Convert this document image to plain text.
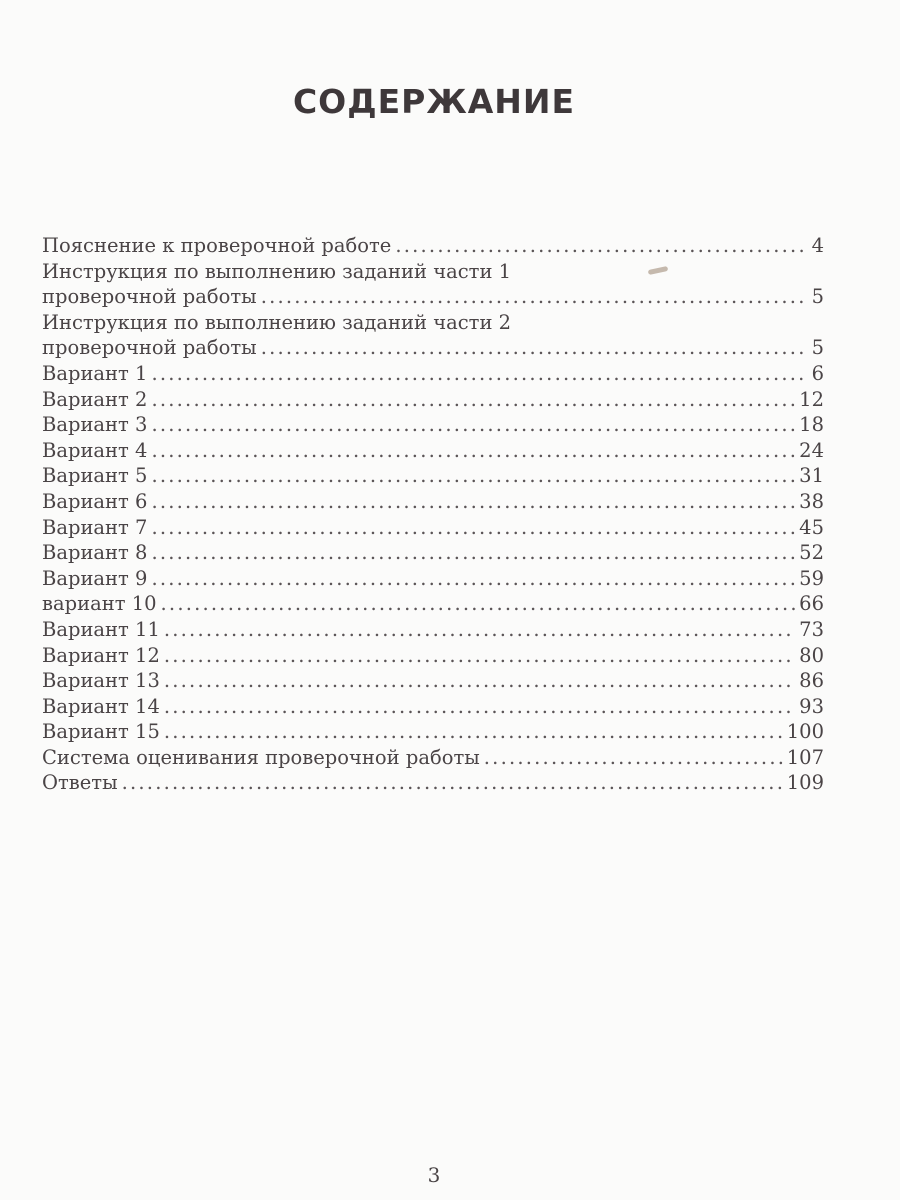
СОДЕРЖАНИЕ
Пояснение к проверочной работе .....	4
Инструкция по выполнению заданий части 1
проверочной работы .....	5
Инструкция по выполнению заданий части 2
проверочной работы .....	5
Вариант 1 .....	6
Вариант 2 .....	12
Вариант 3 .....	18
Вариант 4 .....	24
Вариант 5 .....	31
Вариант 6 .....	38
Вариант 7 .....	45
Вариант 8 .....	52
Вариант 9 .....	59
вариант 10 .....	66
Вариант 11 .....	73
Вариант 12 .....	80
Вариант 13 .....	86
Вариант 14 .....	93
Вариант 15 .....	100
Система оценивания проверочной работы .....	107
Ответы .....	109
3
